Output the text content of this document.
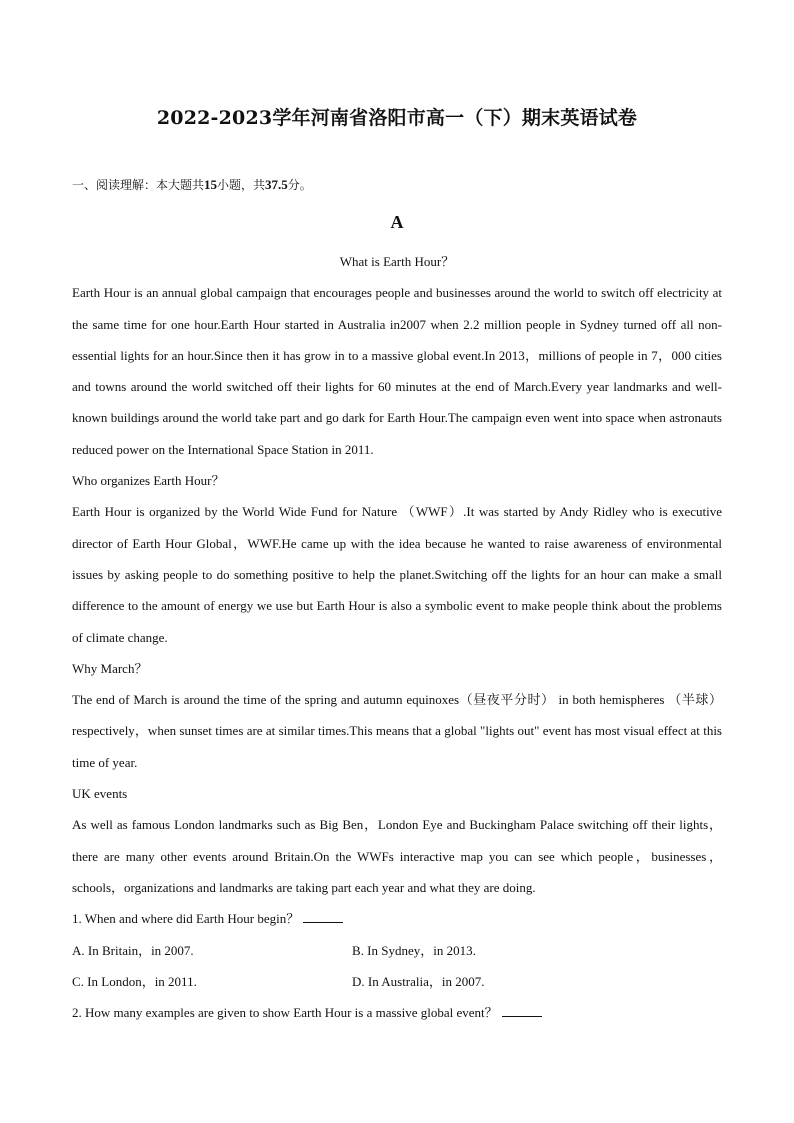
2022-2023学年河南省洛阳市高一（下）期末英语试卷
一、阅读理解：本大题共15小题，共37.5分。
A

What is Earth Hour？

Earth Hour is an annual global campaign that encourages people and businesses around the world to switch off electricity at the same time for one hour.Earth Hour started in Australia in2007 when 2.2 million people in Sydney turned off all non-essential lights for an hour.Since then it has grow in to a massive global event.In 2013，millions of people in 7，000 cities and towns around the world switched off their lights for 60 minutes at the end of March.Every year landmarks and well-known buildings around the world take part and go dark for Earth Hour.The campaign even went into space when astronauts reduced power on the International Space Station in 2011.

Who organizes Earth Hour？

Earth Hour is organized by the World Wide Fund for Nature （WWF）.It was started by Andy Ridley who is executive director of Earth Hour Global，WWF.He came up with the idea because he wanted to raise awareness of environmental issues by asking people to do something positive to help the planet.Switching off the lights for an hour can make a small difference to the amount of energy we use but Earth Hour is also a symbolic event to make people think about the problems of climate change.

Why March？

The end of March is around the time of the spring and autumn equinoxes（昼夜平分时） in both hemispheres （半球） respectively，when sunset times are at similar times.This means that a global "lights out" event has most visual effect at this time of year.

UK events

As well as famous London landmarks such as Big Ben，London Eye and Buckingham Palace switching off their lights，there are many other events around Britain.On the WWFs interactive map you can see which people，businesses，schools，organizations and landmarks are taking part each year and what they are doing.

1. When and where did Earth Hour begin？

A. In Britain，in 2007.	B. In Sydney，in 2013.

C. In London，in 2011.	D. In Australia，in 2007.

2. How many examples are given to show Earth Hour is a massive global event？
